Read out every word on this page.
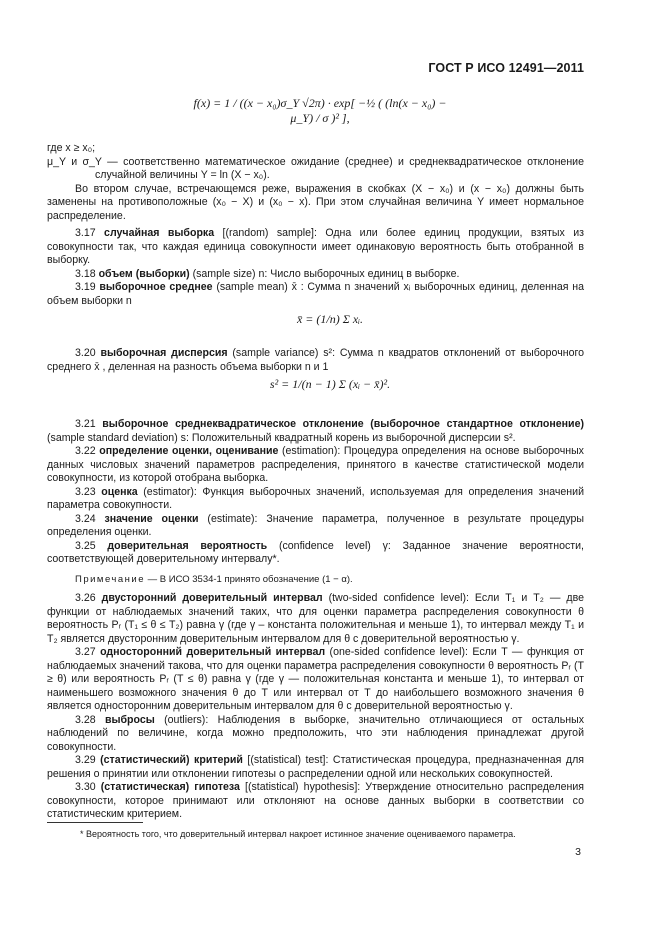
ГОСТ Р ИСО 12491—2011
f(x) = 1 / ((x − x₀)σ_Y √2π) · exp[ −½ ( (ln(x − x₀) − μ_Y) / σ )² ],

где x ≥ x₀;

μ_Y и σ_Y — соответственно математическое ожидание (среднее) и среднеквадратическое отклонение случайной величины Y = ln (X − x₀).

Во втором случае, встречающемся реже, выражения в скобках (X − x₀) и (x − x₀) должны быть заменены на противоположные (x₀ − X) и (x₀ − x). При этом случайная величина Y имеет нормальное распределение.

3.17 случайная выборка [(random) sample]: Одна или более единиц продукции, взятых из совокупности так, что каждая единица совокупности имеет одинаковую вероятность быть отобранной в выборку.

3.18 объем (выборки) (sample size) n: Число выборочных единиц в выборке.

3.19 выборочное среднее (sample mean) x̄ : Сумма n значений xᵢ выборочных единиц, деленная на объем выборки n

x̄ = (1/n) Σ xᵢ.

3.20 выборочная дисперсия (sample variance) s²: Сумма n квадратов отклонений от выборочного среднего x̄ , деленная на разность объема выборки n и 1

s² = 1/(n − 1) Σ (xᵢ − x̄)².

3.21 выборочное среднеквадратическое отклонение (выборочное стандартное отклонение) (sample standard deviation) s: Положительный квадратный корень из выборочной дисперсии s².

3.22 определение оценки, оценивание (estimation): Процедура определения на основе выборочных данных числовых значений параметров распределения, принятого в качестве статистической модели совокупности, из которой отобрана выборка.

3.23 оценка (estimator): Функция выборочных значений, используемая для определения значений параметра совокупности.

3.24 значение оценки (estimate): Значение параметра, полученное в результате процедуры определения оценки.

3.25 доверительная вероятность (confidence level) γ: Заданное значение вероятности, соответствующей доверительному интервалу*.

Примечание — В ИСО 3534-1 принято обозначение (1 − α).

3.26 двусторонний доверительный интервал (two-sided confidence level): Если T₁ и T₂ — две функции от наблюдаемых значений таких, что для оценки параметра распределения совокупности θ вероятность Pᵣ (T₁ ≤ θ ≤ T₂) равна γ (где γ – константа положительная и меньше 1), то интервал между T₁ и T₂ является двусторонним доверительным интервалом для θ с доверительной вероятностью γ.

3.27 односторонний доверительный интервал (one-sided confidence level): Если T — функция от наблюдаемых значений такова, что для оценки параметра распределения совокупности θ вероятность Pᵣ (T ≥ θ) или вероятность Pᵣ (T ≤ θ) равна γ (где γ — положительная константа и меньше 1), то интервал от наименьшего возможного значения θ до T или интервал от T до наибольшего возможного значения θ является односторонним доверительным интервалом для θ с доверительной вероятностью γ.

3.28 выбросы (outliers): Наблюдения в выборке, значительно отличающиеся от остальных наблюдений по величине, когда можно предположить, что эти наблюдения принадлежат другой совокупности.

3.29 (статистический) критерий [(statistical) test]: Статистическая процедура, предназначенная для решения о принятии или отклонении гипотезы о распределении одной или нескольких совокупностей.

3.30 (статистическая) гипотеза [(statistical) hypothesis]: Утверждение относительно распределения совокупности, которое принимают или отклоняют на основе данных выборки в соответствии со статистическим критерием.

* Вероятность того, что доверительный интервал накроет истинное значение оцениваемого параметра.
3
